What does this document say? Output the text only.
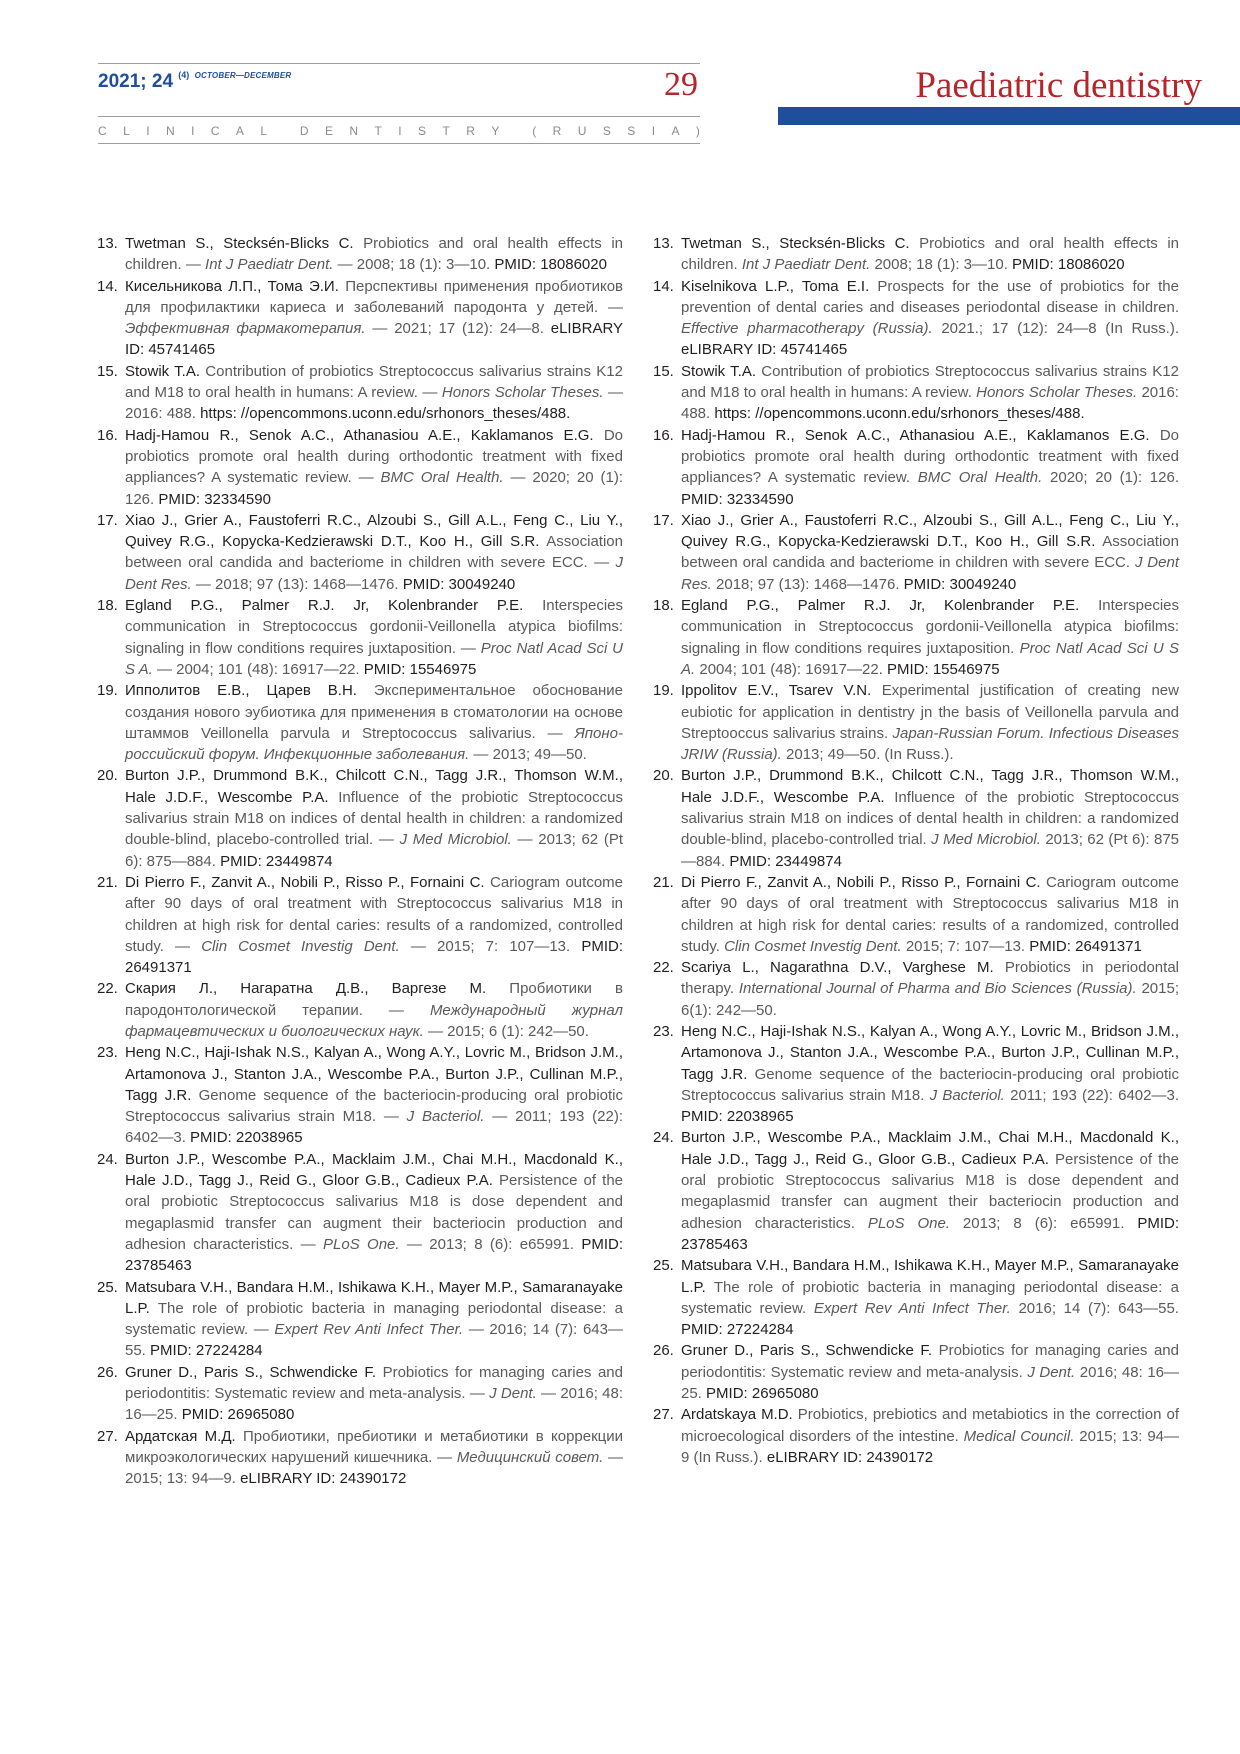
2021; 24 $^{(4)}$ $^{OCTOBER—DECEMBER}$	29	Paediatric dentistry
C L I N I C A L	D E N T I S T R Y	( R U S S I A )
13. Twetman S., Stecksén-Blicks C. Probiotics and oral health effects in children. — Int J Paediatr Dent. — 2008; 18 (1): 3—10. PMID: 18086020
14. Кисельникова Л.П., Тома Э.И. Перспективы применения пробиотиков для профилактики кариеса и заболеваний пародонта у детей. — Эффективная фармакотерапия. — 2021; 17 (12): 24—8. eLIBRARY ID: 45741465
15. Stowik T.A. Contribution of probiotics Streptococcus salivarius strains K12 and M18 to oral health in humans: A review. — Honors Scholar Theses. — 2016: 488. https: //opencommons.uconn.edu/srhonors_theses/488.
16. Hadj-Hamou R., Senok A.C., Athanasiou A.E., Kaklamanos E.G. Do probiotics promote oral health during orthodontic treatment with fixed appliances? A systematic review. — BMC Oral Health. — 2020; 20 (1): 126. PMID: 32334590
17. Xiao J., Grier A., Faustoferri R.C., Alzoubi S., Gill A.L., Feng C., Liu Y., Quivey R.G., Kopycka-Kedzierawski D.T., Koo H., Gill S.R. Association between oral candida and bacteriome in children with severe ECC. — J Dent Res. — 2018; 97 (13): 1468—1476. PMID: 30049240
18. Egland P.G., Palmer R.J. Jr, Kolenbrander P.E. Interspecies communication in Streptococcus gordonii-Veillonella atypica biofilms: signaling in flow conditions requires juxtaposition. — Proc Natl Acad Sci U S A. — 2004; 101 (48): 16917—22. PMID: 15546975
19. Ипполитов Е.В., Царев В.Н. Экспериментальное обоснование создания нового эубиотика для применения в стоматологии на основе штаммов Veillonella parvula и Streptococcus salivarius. — Японо-российский форум. Инфекционные заболевания. — 2013; 49—50.
20. Burton J.P., Drummond B.K., Chilcott C.N., Tagg J.R., Thomson W.M., Hale J.D.F., Wescombe P.A. Influence of the probiotic Streptococcus salivarius strain M18 on indices of dental health in children: a randomized double-blind, placebo-controlled trial. — J Med Microbiol. — 2013; 62 (Pt 6): 875—884. PMID: 23449874
21. Di Pierro F., Zanvit A., Nobili P., Risso P., Fornaini C. Cariogram outcome after 90 days of oral treatment with Streptococcus salivarius M18 in children at high risk for dental caries: results of a randomized, controlled study. — Clin Cosmet Investig Dent. — 2015; 7: 107—13. PMID: 26491371
22. Скария Л., Нагаратна Д.В., Варгезе М. Пробиотики в пародонтологической терапии. — Международный журнал фармацевтических и биологических наук. — 2015; 6 (1): 242—50.
23. Heng N.C., Haji-Ishak N.S., Kalyan A., Wong A.Y., Lovric M., Bridson J.M., Artamonova J., Stanton J.A., Wescombe P.A., Burton J.P., Cullinan M.P., Tagg J.R. Genome sequence of the bacteriocin-producing oral probiotic Streptococcus salivarius strain M18. — J Bacteriol. — 2011; 193 (22): 6402—3. PMID: 22038965
24. Burton J.P., Wescombe P.A., Macklaim J.M., Chai M.H., Macdonald K., Hale J.D., Tagg J., Reid G., Gloor G.B., Cadieux P.A. Persistence of the oral probiotic Streptococcus salivarius M18 is dose dependent and megaplasmid transfer can augment their bacteriocin production and adhesion characteristics. — PLoS One. — 2013; 8 (6): e65991. PMID: 23785463
25. Matsubara V.H., Bandara H.M., Ishikawa K.H., Mayer M.P., Samaranayake L.P. The role of probiotic bacteria in managing periodontal disease: a systematic review. — Expert Rev Anti Infect Ther. — 2016; 14 (7): 643—55. PMID: 27224284
26. Gruner D., Paris S., Schwendicke F. Probiotics for managing caries and periodontitis: Systematic review and meta-analysis. — J Dent. — 2016; 48: 16—25. PMID: 26965080
27. Ардатская М.Д. Пробиотики, пребиотики и метабиотики в коррекции микроэкологических нарушений кишечника. — Медицинский совет. — 2015; 13: 94—9. eLIBRARY ID: 24390172
13. Twetman S., Stecksén-Blicks C. Probiotics and oral health effects in children. Int J Paediatr Dent. 2008; 18 (1): 3—10. PMID: 18086020
14. Kiselnikova L.P., Toma E.I. Prospects for the use of probiotics for the prevention of dental caries and diseases periodontal disease in children. Effective pharmacotherapy (Russia). 2021.; 17 (12): 24—8 (In Russ.). eLIBRARY ID: 45741465
15. Stowik T.A. Contribution of probiotics Streptococcus salivarius strains K12 and M18 to oral health in humans: A review. Honors Scholar Theses. 2016: 488. https: //opencommons.uconn.edu/srhonors_theses/488.
16. Hadj-Hamou R., Senok A.C., Athanasiou A.E., Kaklamanos E.G. Do probiotics promote oral health during orthodontic treatment with fixed appliances? A systematic review. BMC Oral Health. 2020; 20 (1): 126. PMID: 32334590
17. Xiao J., Grier A., Faustoferri R.C., Alzoubi S., Gill A.L., Feng C., Liu Y., Quivey R.G., Kopycka-Kedzierawski D.T., Koo H., Gill S.R. Association between oral candida and bacteriome in children with severe ECC. J Dent Res. 2018; 97 (13): 1468—1476. PMID: 30049240
18. Egland P.G., Palmer R.J. Jr, Kolenbrander P.E. Interspecies communication in Streptococcus gordonii-Veillonella atypica biofilms: signaling in flow conditions requires juxtaposition. Proc Natl Acad Sci U S A. 2004; 101 (48): 16917—22. PMID: 15546975
19. Ippolitov E.V., Tsarev V.N. Experimental justification of creating new eubiotic for application in dentistry jn the basis of Veillonella parvula and Streptooccus salivarius strains. Japan-Russian Forum. Infectious Diseases JRIW (Russia). 2013; 49—50. (In Russ.).
20. Burton J.P., Drummond B.K., Chilcott C.N., Tagg J.R., Thomson W.M., Hale J.D.F., Wescombe P.A. Influence of the probiotic Streptococcus salivarius strain M18 on indices of dental health in children: a randomized double-blind, placebo-controlled trial. J Med Microbiol. 2013; 62 (Pt 6): 875—884. PMID: 23449874
21. Di Pierro F., Zanvit A., Nobili P., Risso P., Fornaini C. Cariogram outcome after 90 days of oral treatment with Streptococcus salivarius M18 in children at high risk for dental caries: results of a randomized, controlled study. Clin Cosmet Investig Dent. 2015; 7: 107—13. PMID: 26491371
22. Scariya L., Nagarathna D.V., Varghese M. Probiotics in periodontal therapy. International Journal of Pharma and Bio Sciences (Russia). 2015; 6(1): 242—50.
23. Heng N.C., Haji-Ishak N.S., Kalyan A., Wong A.Y., Lovric M., Bridson J.M., Artamonova J., Stanton J.A., Wescombe P.A., Burton J.P., Cullinan M.P., Tagg J.R. Genome sequence of the bacteriocin-producing oral probiotic Streptococcus salivarius strain M18. J Bacteriol. 2011; 193 (22): 6402—3. PMID: 22038965
24. Burton J.P., Wescombe P.A., Macklaim J.M., Chai M.H., Macdonald K., Hale J.D., Tagg J., Reid G., Gloor G.B., Cadieux P.A. Persistence of the oral probiotic Streptococcus salivarius M18 is dose dependent and megaplasmid transfer can augment their bacteriocin production and adhesion characteristics. PLoS One. 2013; 8 (6): e65991. PMID: 23785463
25. Matsubara V.H., Bandara H.M., Ishikawa K.H., Mayer M.P., Samaranayake L.P. The role of probiotic bacteria in managing periodontal disease: a systematic review. Expert Rev Anti Infect Ther. 2016; 14 (7): 643—55. PMID: 27224284
26. Gruner D., Paris S., Schwendicke F. Probiotics for managing caries and periodontitis: Systematic review and meta-analysis. J Dent. 2016; 48: 16—25. PMID: 26965080
27. Ardatskaya M.D. Probiotics, prebiotics and metabiotics in the correction of microecological disorders of the intestine. Medical Council. 2015; 13: 94—9 (In Russ.). eLIBRARY ID: 24390172
